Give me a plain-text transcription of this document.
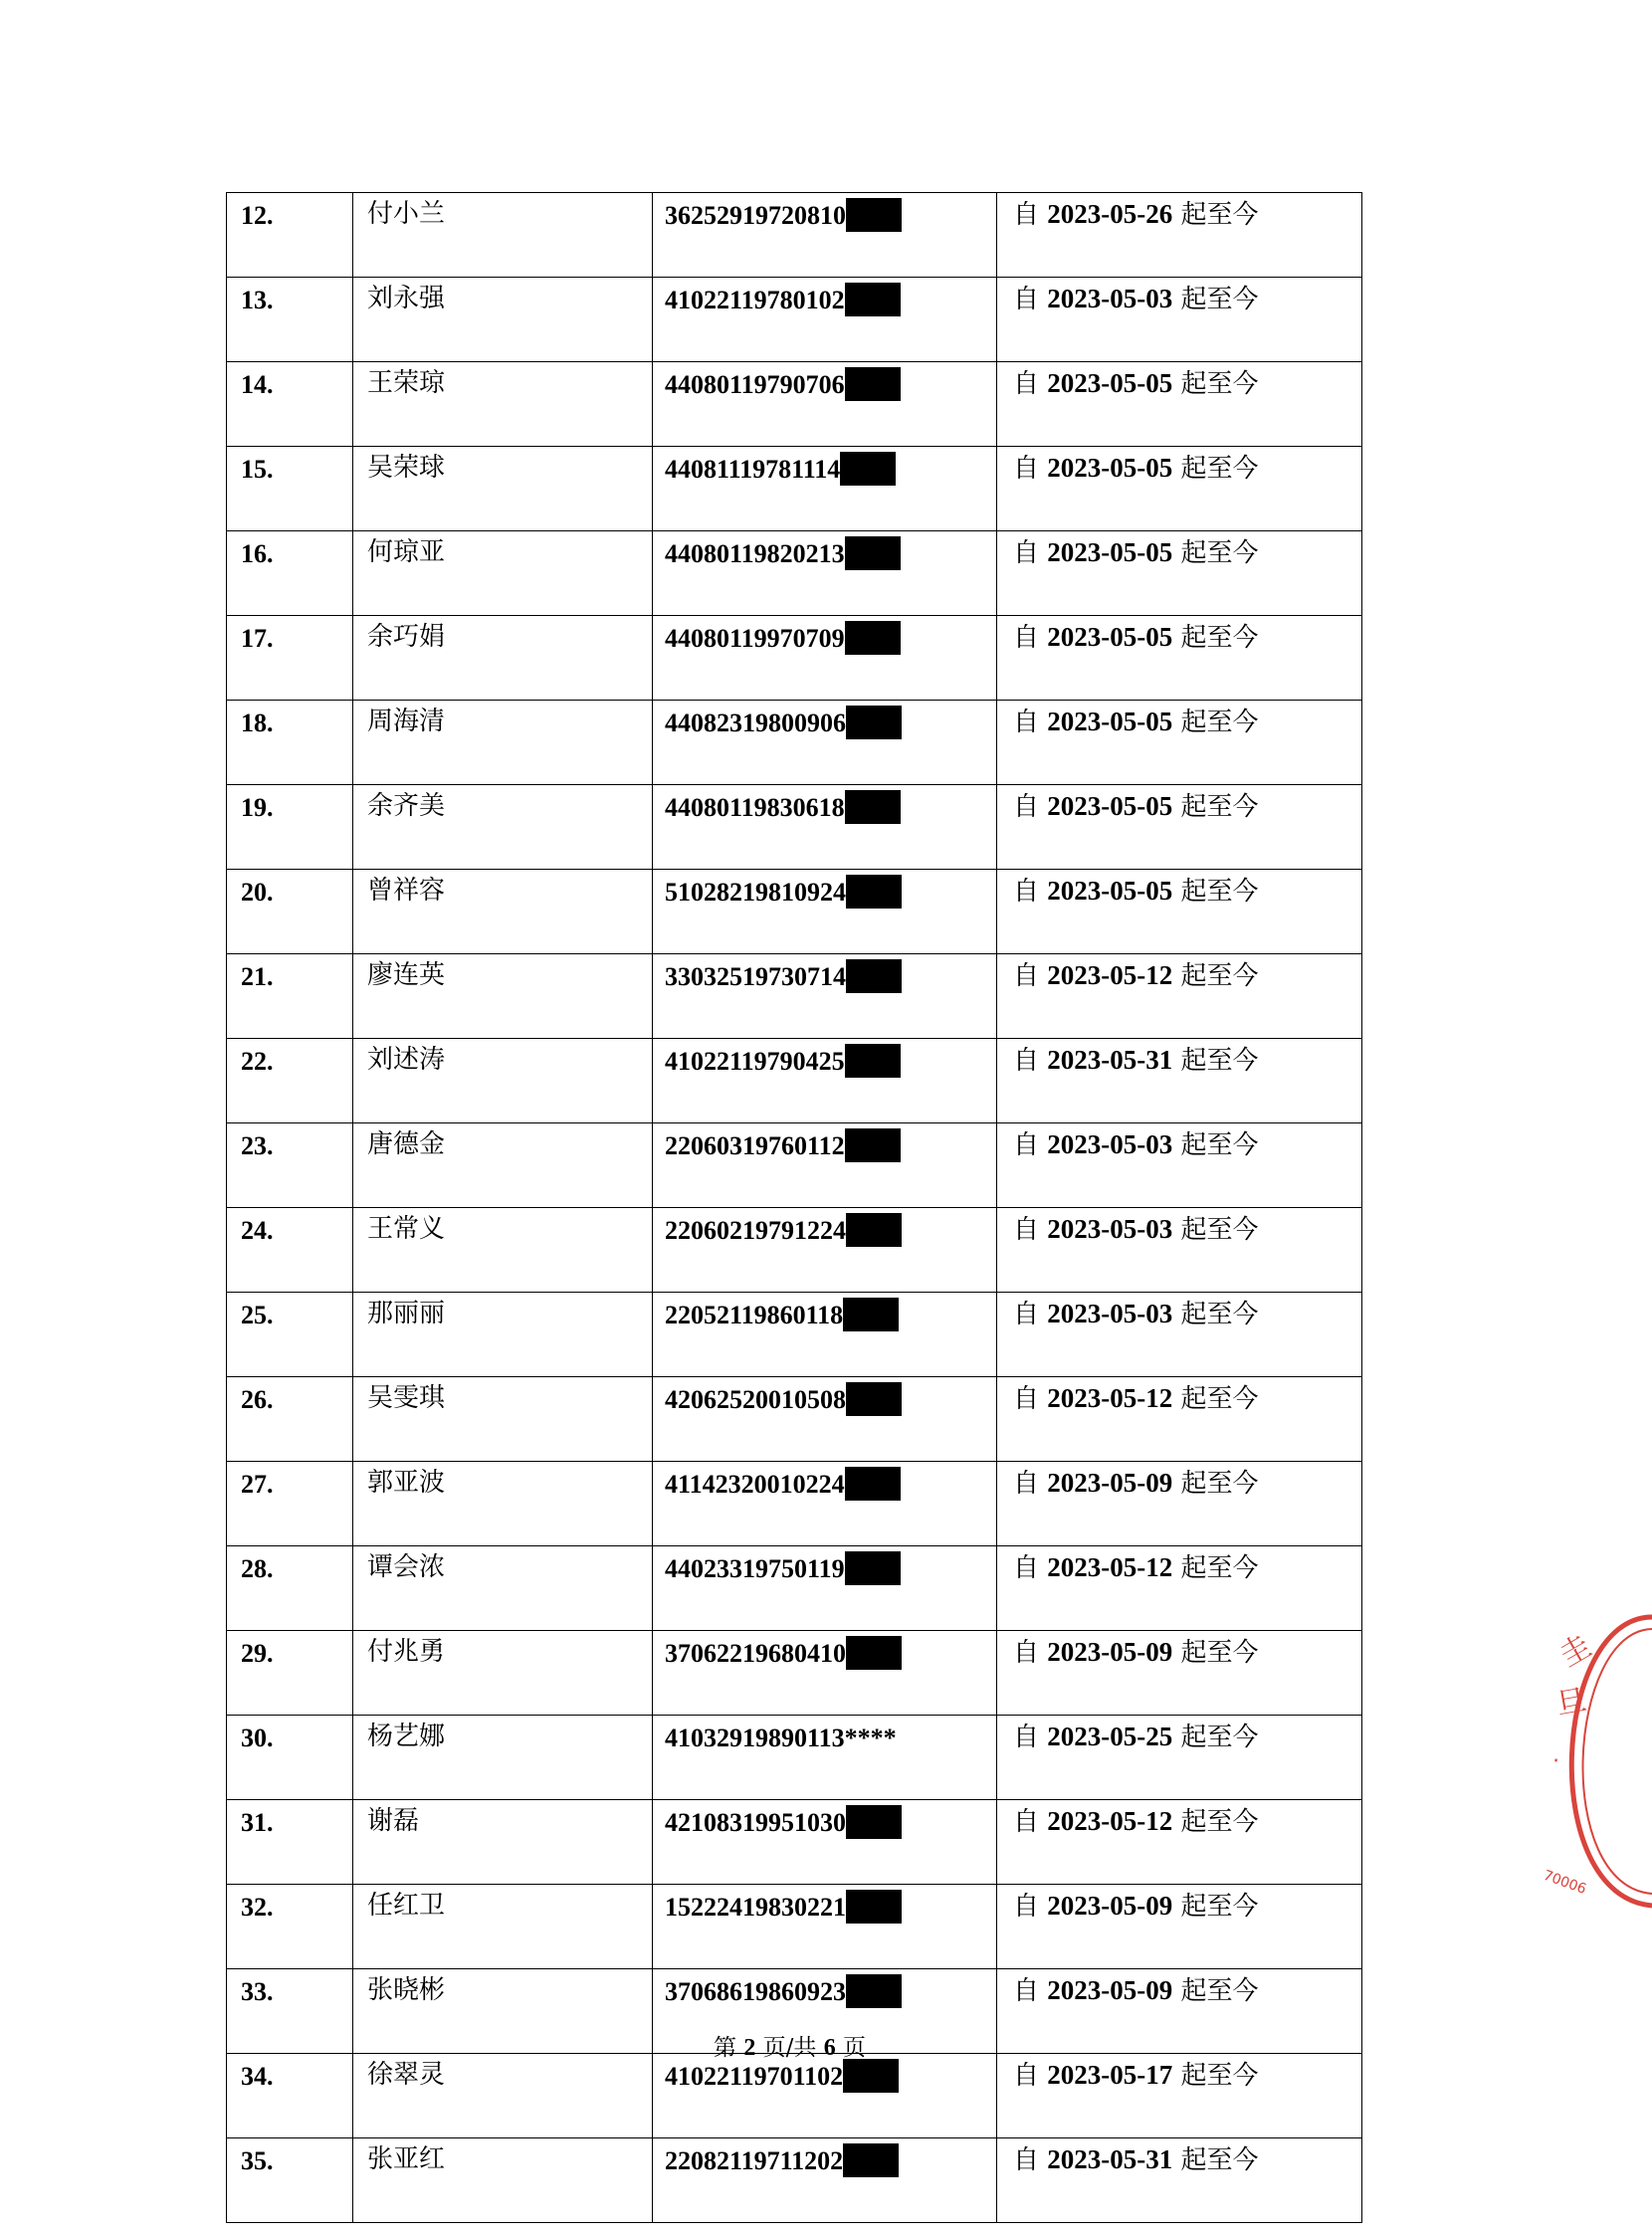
12.	付小兰	36252919720810	自 2023-05-26 起至今
13.	刘永强	41022119780102	自 2023-05-03 起至今
14.	王荣琼	44080119790706	自 2023-05-05 起至今
15.	吴荣球	44081119781114	自 2023-05-05 起至今
16.	何琼亚	44080119820213	自 2023-05-05 起至今
17.	余巧娟	44080119970709	自 2023-05-05 起至今
18.	周海清	44082319800906	自 2023-05-05 起至今
19.	余齐美	44080119830618	自 2023-05-05 起至今
20.	曾祥容	51028219810924	自 2023-05-05 起至今
21.	廖连英	33032519730714	自 2023-05-12 起至今
22.	刘述涛	41022119790425	自 2023-05-31 起至今
23.	唐德金	22060319760112	自 2023-05-03 起至今
24.	王常义	22060219791224	自 2023-05-03 起至今
25.	那丽丽	22052119860118	自 2023-05-03 起至今
26.	吴雯琪	42062520010508	自 2023-05-12 起至今
27.	郭亚波	41142320010224	自 2023-05-09 起至今
28.	谭会浓	44023319750119	自 2023-05-12 起至今
29.	付兆勇	37062219680410	自 2023-05-09 起至今
30.	杨艺娜	41032919890113****	自 2023-05-25 起至今
31.	谢磊	42108319951030	自 2023-05-12 起至今
32.	任红卫	15222419830221	自 2023-05-09 起至今
33.	张晓彬	37068619860923	自 2023-05-09 起至今
34.	徐翠灵	41022119701102	自 2023-05-17 起至今
35.	张亚红	22082119711202	自 2023-05-31 起至今
第 2 页/共 6 页
圭
旦
.
70006
